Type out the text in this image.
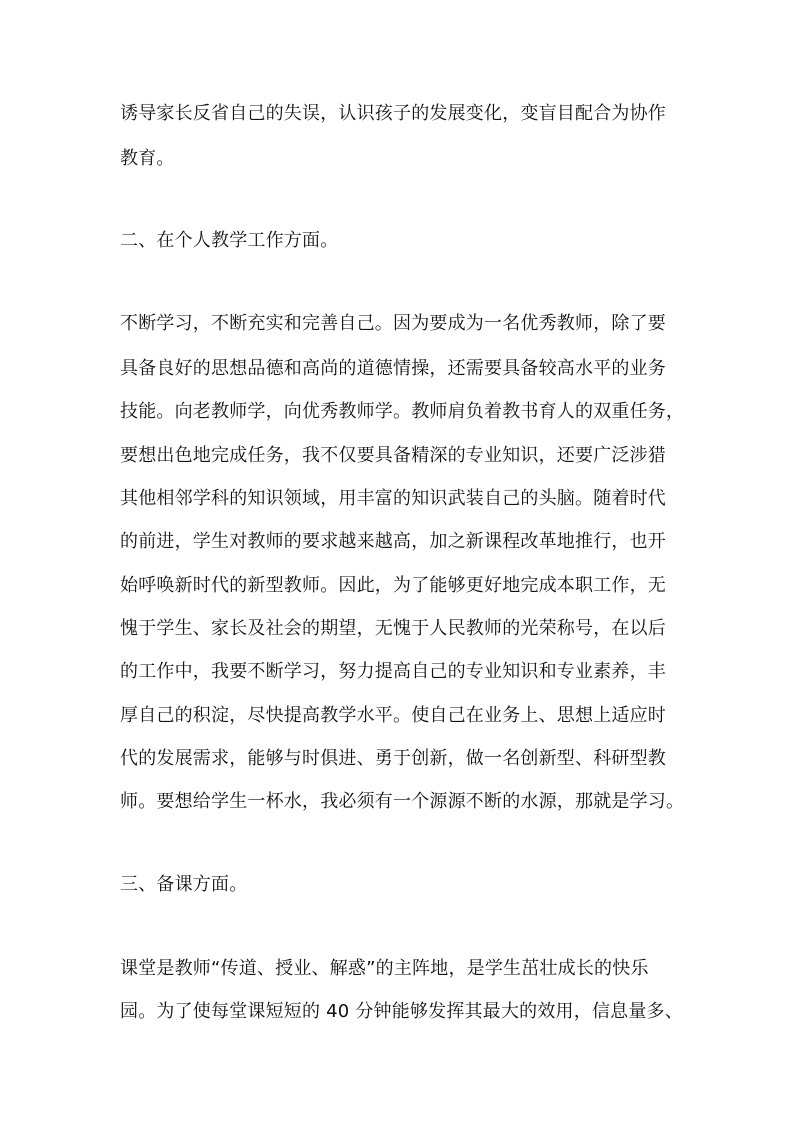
诱导家长反省自己的失误，认识孩子的发展变化，变盲目配合为协作
教育。
二、在个人教学工作方面。
不断学习，不断充实和完善自己。因为要成为一名优秀教师，除了要
具备良好的思想品德和高尚的道德情操，还需要具备较高水平的业务
技能。向老教师学，向优秀教师学。教师肩负着教书育人的双重任务，
要想出色地完成任务，我不仅要具备精深的专业知识，还要广泛涉猎
其他相邻学科的知识领域，用丰富的知识武装自己的头脑。随着时代
的前进，学生对教师的要求越来越高，加之新课程改革地推行，也开
始呼唤新时代的新型教师。因此，为了能够更好地完成本职工作，无
愧于学生、家长及社会的期望，无愧于人民教师的光荣称号，在以后
的工作中，我要不断学习，努力提高自己的专业知识和专业素养，丰
厚自己的积淀，尽快提高教学水平。使自己在业务上、思想上适应时
代的发展需求，能够与时俱进、勇于创新，做一名创新型、科研型教
师。要想给学生一杯水，我必须有一个源源不断的水源，那就是学习。
三、备课方面。
课堂是教师“传道、授业、解惑”的主阵地，是学生茁壮成长的快乐
园。为了使每堂课短短的 40 分钟能够发挥其最大的效用，信息量多、
